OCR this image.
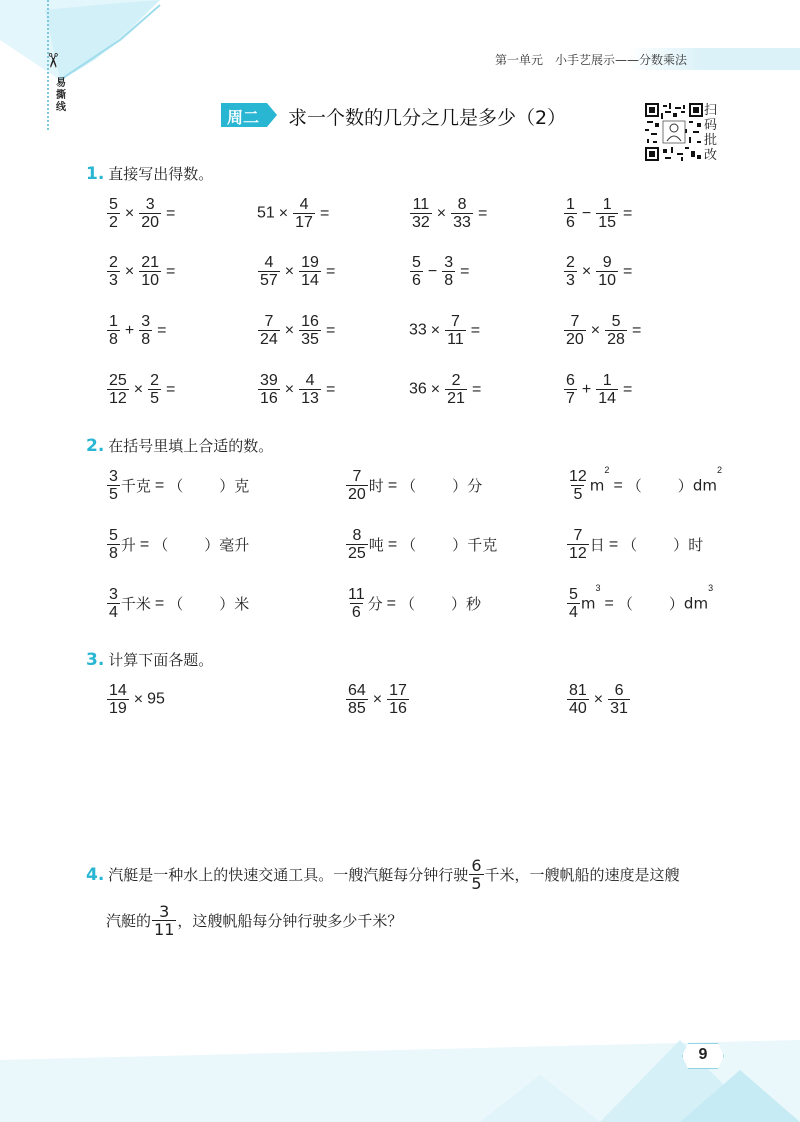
✂
易撕线
第一单元　小手艺展示——分数乘法
周二 求一个数的几分之几是多少（2）	扫码批改
1. 直接写出得数。
$\frac{5}{2} \times \frac{3}{20}$ =	$51 \times \frac{4}{17}$ =	$\frac{11}{32} \times \frac{8}{33}$ =	$\frac{1}{6} - \frac{1}{15}$ =
$\frac{2}{3} \times \frac{21}{10}$ =	$\frac{4}{57} \times \frac{19}{14}$ =	$\frac{5}{6} - \frac{3}{8}$ =	$\frac{2}{3} \times \frac{9}{10}$ =
$\frac{1}{8} + \frac{3}{8}$ =	$\frac{7}{24} \times \frac{16}{35}$ =	$33 \times \frac{7}{11}$ =	$\frac{7}{20} \times \frac{5}{28}$ =
$\frac{25}{12} \times \frac{2}{5}$ =	$\frac{39}{16} \times \frac{4}{13}$ =	$36 \times \frac{2}{21}$ =	$\frac{6}{7} + \frac{1}{14}$ =
2. 在括号里填上合适的数。
$\frac{3}{5}$ 千克 = （ ）克	$\frac{7}{20}$ 时 = （ ）分	$\frac{12}{5} m^2=$ （ ）$dm^2$
$\frac{5}{8}$ 升 = （ ）毫升	$\frac{8}{25}$ 吨 = （ ）千克	$\frac{7}{12}$ 日 = （ ）时
$\frac{3}{4}$ 千米 = （ ）米	$\frac{11}{6}$ 分 = （ ）秒	$\frac{5}{4} m^3=$ （ ）$dm^3$
3. 计算下面各题。
$\frac{14}{19} \times 95$	$\frac{64}{85} \times \frac{17}{16}$	$\frac{81}{40} \times \frac{6}{31}$
4. 汽艇是一种水上的快速交通工具。一艘汽艇每分钟行驶 $\frac{6}{5}$ 千米，一艘帆船的速度是这艘
汽艇的 $\frac{3}{11}$ ，这艘帆船每分钟行驶多少千米？
9
